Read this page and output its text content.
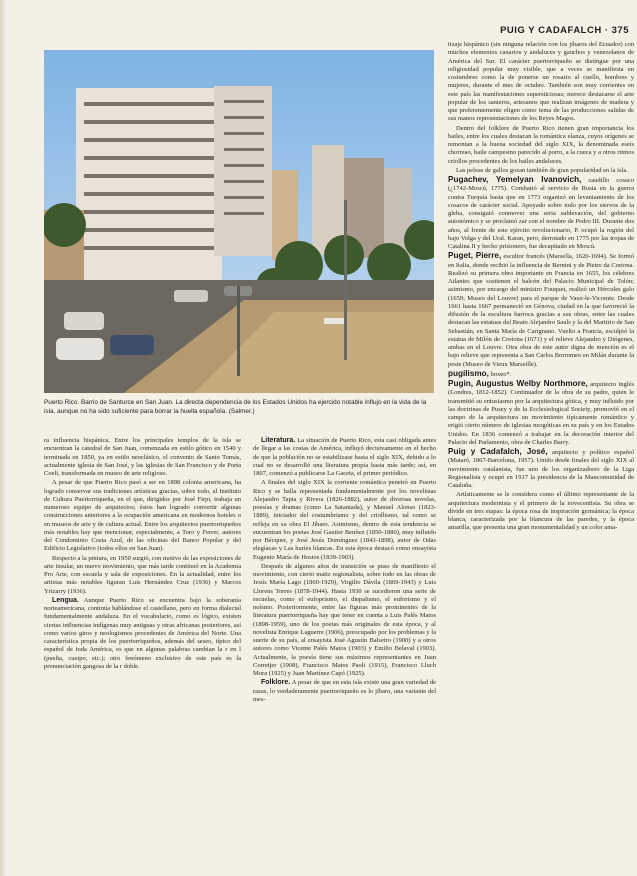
PUIG Y CADAFALCH · 375
Puerto Rico. Barrio de Santurce en San Juan. La directa dependencia de los Estados Unidos ha ejercido notable influjo en la vida de la isla, aunque no ha sido suficiente para borrar la huella española. (Salmer.)

ra influencia hispánica. Entre los principales templos de la isla se encuentran la catedral de San Juan, comenzada en estilo gótico en 1540 y terminada en 1850, ya en estilo neoclásico, el convento de Santo Tomás, actualmente iglesia de San José, y las iglesias de San Francisco y de Porta Coeli, transformada en museo de arte religioso.

A pesar de que Puerto Rico pasó a ser en 1898 colonia americana, ha logrado conservar sus tradiciones artísticas gracias, sobre todo, al Instituto de Cultura Puertorriqueña, en el que, dirigidos por José Firpi, trabaja un numeroso equipo de arquitectos; éstos han logrado convertir algunas construcciones anteriores a la ocupación americana en modernos hoteles o en museos de arte y de cultura actual. Entre los arquitectos puertorriqueños más notables hay que mencionar, especialmente, a Toro y Ferrer, autores del Condominio Costa Azul, de las oficinas del Banco Popular y del Edificio Legislativo (todos ellos en San Juan).

Respecto a la pintura, en 1950 surgió, con motivo de las exposiciones de arte insular, un nuevo movimiento, que más tarde continuó en la Academia Pro Arte, con escuela y sala de exposiciones. En la actualidad, entre los artistas más notables figuran Luis Hernández Cruz (1936) y Marcos Yrizarry (1936).

Lengua. Aunque Puerto Rico se encuentra bajo la soberanía norteamericana, continúa hablándose el castellano, pero en forma dialectal fundamentalmente andaluza. En el vocabulario, como es lógico, existen ciertas influencias indígenas muy antiguas y otras africanas posteriores, así como varios giros y neologismos procedentes de América del Norte. Una característica propia de los puertorriqueños, además del seseo, típico del español de toda América, es que en algunas palabras cambian la r en l (puelta, cueipo, etc.); otro fenómeno exclusivo de este país es la pronunciación gangosa de la r doble.

Literatura. La situación de Puerto Rico, esta casi obligada antes de llegar a las costas de América, influyó decisivamente en el hecho de que la población no se estabilizase hasta el siglo XIX, debido a lo cual no se desarrolló una literatura propia hasta más tarde; así, en 1807, comenzó a publicarse La Gaceta, el primer periódico.

A finales del siglo XIX la corriente romántica penetró en Puerto Rico y se halla representada fundamentalmente por los novelistas Alejandro Tapia y Rivera (1826-1882), autor de diversas novelas, poesías y dramas (como La Sataniada), y Manuel Alonso (1823-1889), iniciador del costumbrismo y del criollismo, tal como se refleja en su obra El Jíbaro. Asimismo, dentro de esta tendencia se encuentran los poetas José Gautier Benítez (1850-1880), muy influido por Bécquer, y José Jesús Domínguez (1843-1898), autor de Odas elegíacas y Las huríes blancas. En esta época destacó como ensayista Eugenio María de Hostos (1839-1903).

Después de algunos años de transición se puso de manifiesto el movimiento, con cierto matiz regionalista, sobre todo en las obras de Jesús María Lago (1860-1929), Virgilio Dávila (1869-1943) y Luis Llorens Torres (1878-1944). Hasta 1930 se sucedieron una serie de escuelas, como el eufoprismo, el diepalismo, el euforismo y el noísmo. Posteriormente, entre las figuras más prominentes de la literatura puertorriqueña hay que tener en cuenta a Luis Palés Matos (1898-1959), uno de los poetas más originales de esta época, y al novelista Enrique Laguerre (1906), preocupado por los problemas y la suerte de su país, al ensayista José Agustín Balseiro (1900) y a otros autores como Vicente Palés Matos (1903) y Emilio Belaval (1903). Actualmente, la poesía tiene sus máximos representantes en Juan Corretjer (1908), Francisco Matos Paoli (1915), Francisco Lluch Mora (1925) y Juan Martínez Capó (1925).

Folklore. A pesar de que en esta isla existe una gran variedad de razas, lo verdaderamente puertorriqueño es lo jíbaro, una variante del mes-

tizaje hispánico (sin ninguna relación con los jíbaros del Ecuador) con muchos elementos canarios y andaluces y gauchos y venezolanos de América del Sur. El carácter puertorriqueño se distingue por una religiosidad popular muy visible, que a veces se manifiesta en costumbres como la de ponerse un rosario al cuello, hombres y mujeres, durante el mes de octubre. También son muy corrientes en este país las manifestaciones supersticiosas; merece destacarse el arte popular de los santeros, artesanos que realizan imágenes de madera y que preferentemente eligen como tema de las producciones salidas de sus manos representaciones de los Reyes Magos.

Dentro del folklore de Puerto Rico tienen gran importancia los bailes, entre los cuales destacan la romántica elanza, cuyos orígenes se remontan a la buena sociedad del siglo XIX, la denominada eseis chorreao, baile campesino parecido al porro, a la cueca y a otros ritmos criollos procedentes de los bailes andaluces.

Las peleas de gallos gozan también de gran popularidad en la isla.

Pugachev, Yemelyan Ivanovich, caudillo cosaco (¿1742-Moscú, 1775). Combatió al servicio de Rusia en la guerra contra Turquía hasta que en 1773 organizó un levantamiento de los cosacos de carácter social. Apoyado sobre todo por los siervos de la gleba, consiguió conmover una seria sublevación, del gobierno autonómico y se proclamó zar con el nombre de Pedro III. Durante dos años, al frente de este ejército revolucionario, P. ocupó la región del bajo Volga y del Ural. Karan, pero, derrotado en 1775 por las tropas de Catalina II y hecho prisionero, fue decapitado en Moscú.

Puget, Pierre, escultor francés (Marsella, 1620-1694). Se formó en Italia, donde recibió la influencia de Bernini y de Pietro da Cortona. Realizó su primera obra importante en Francia en 1655, los célebres Atlantes que sostienen el balcón del Palacio Municipal de Tolón; asimismo, por encargo del ministro Fouquet, realizó un Hércules galo (1659; Museo del Louvre) para el parque de Vaux-le-Vicomte. Desde 1661 hasta 1667 permaneció en Génova, ciudad en la que favoreció la difusión de la escultura barroca gracias a sus obras, entre las cuales destacan las estatuas del Beato Alejandro Sauls y la del Martirio de San Sebastián, en Santa María de Carignano. Vuelto a Francia, esculpió la estatua de Milón de Crotona (1671) y el relieve Alejandro y Diógenes, ambas en el Louvre. Otra obra de este autor digna de mención es el bajo relieve que representa a San Carlos Borromeo en Milán durante la peste (Museo de Vieux Marseille).

pugilismo, boxeo*.

Pugin, Augustus Welby Northmore, arquitecto inglés (Londres, 1812-1852). Continuador de la obra de su padre, quien le transmitió su entusiasmo por la arquitectura gótica, y muy influido por las doctrinas de Pusey y de la Ecclesiological Society, promovió en el campo de la arquitectura un movimiento típicamente romántico y erigió cierto número de iglesias neogóticas en su país y en los Estados Unidos. En 1836 comenzó a trabajar en la decoración interior del Palacio del Parlamento, obra de Charles Barry.

Puig y Cadafalch, José, arquitecto y político español (Mataró, 1867-Barcelona, 1957). Unido desde finales del siglo XIX al movimiento catalanista, fue uno de los organizadores de la Liga Regionalista y ocupó en 1917 la presidencia de la Mancomunidad de Cataluña.

Artísticamente se le considera como el último representante de la arquitectura modernista y el primero de la novecentista. Su obra se divide en tres etapas: la época rosa de inspiración germánica; la época blanca, caracterizada por la blancura de las paredes, y la época amarilla, que presenta una gran monumentalidad y un color ama-
